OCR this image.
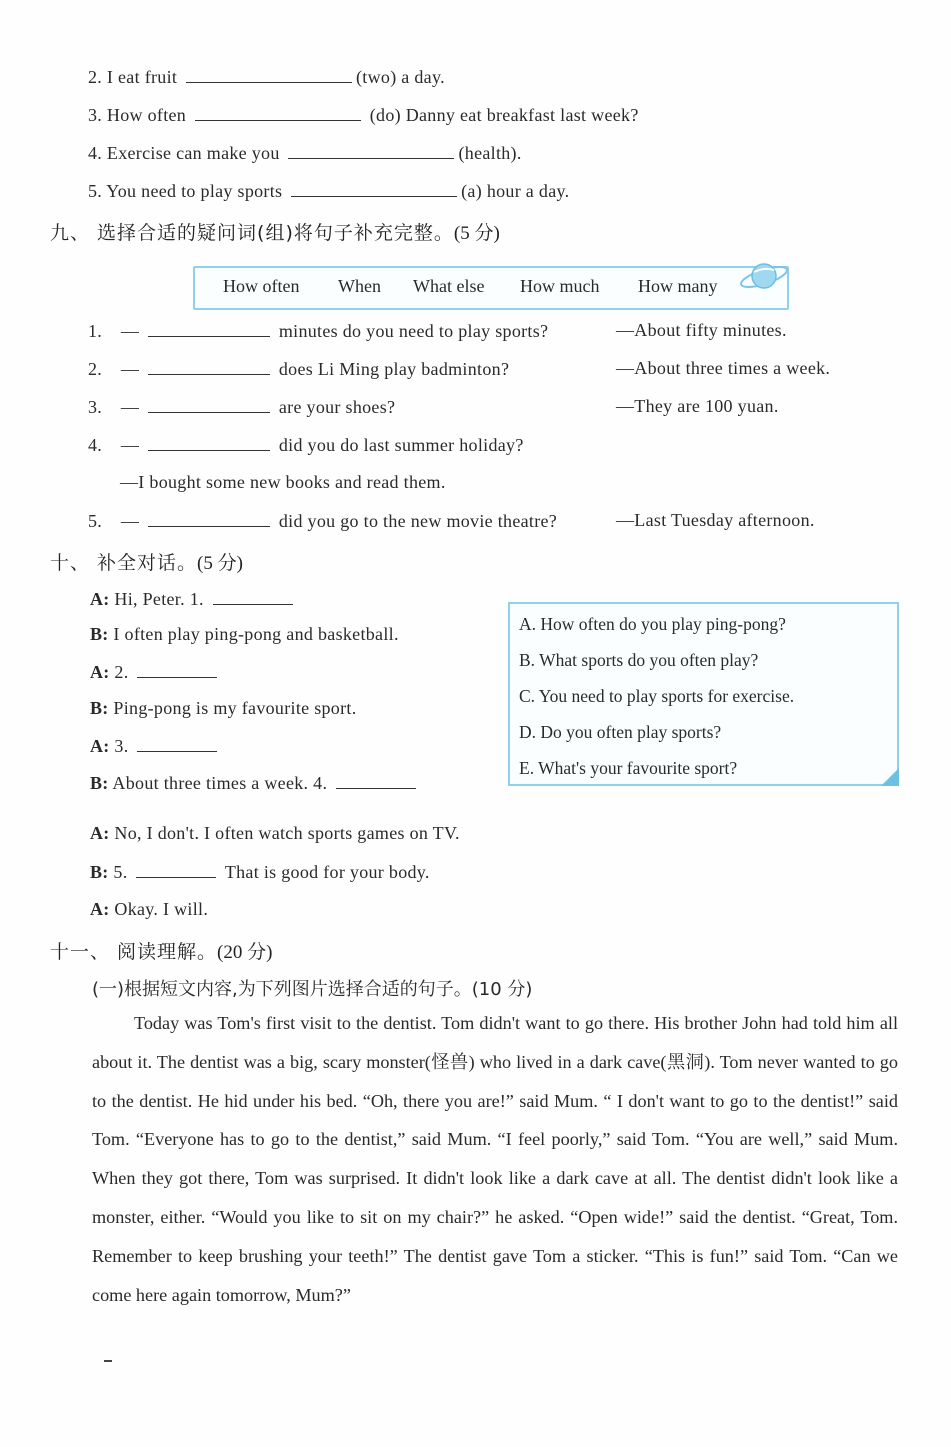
2. I eat fruit	(two) a day.
3. How often	(do) Danny eat breakfast last week?
4. Exercise can make you	(health).
5. You need to play sports	(a) hour a day.
九、 选择合适的疑问词(组)将句子补充完整。(5 分)
How often When What else How much How many
1. —	minutes do you need to play sports?	—About fifty minutes.
2. —	does Li Ming play badminton?	—About three times a week.
3. —	are your shoes?	—They are 100 yuan.
4. —	did you do last summer holiday?
—I bought some new books and read them.
5. —	did you go to the new movie theatre?	—Last Tuesday afternoon.
十、 补全对话。(5 分)
A: Hi, Peter. 1.
B: I often play ping-pong and basketball.
A: 2.
B: Ping-pong is my favourite sport.
A: 3.
B: About three times a week. 4.
A: No, I don't. I often watch sports games on TV.
B: 5.	That is good for your body.
A: Okay. I will.
A. How often do you play ping-pong?
B. What sports do you often play?
C. You need to play sports for exercise.
D. Do you often play sports?
E. What's your favourite sport?
十一、 阅读理解。(20 分)
(一)根据短文内容,为下列图片选择合适的句子。(10 分)

Today was Tom's first visit to the dentist. Tom didn't want to go there. His brother John had told him all about it. The dentist was a big, scary monster(怪兽) who lived in a dark cave(黑洞). Tom never wanted to go to the dentist. He hid under his bed. “Oh, there you are!” said Mum. “ I don't want to go to the dentist!” said Tom. “Everyone has to go to the dentist,” said Mum. “I feel poorly,” said Tom. “You are well,” said Mum. When they got there, Tom was surprised. It didn't look like a dark cave at all. The dentist didn't look like a monster, either. “Would you like to sit on my chair?” he asked. “Open wide!” said the dentist. “Great, Tom. Remember to keep brushing your teeth!” The dentist gave Tom a sticker. “This is fun!” said Tom. “Can we come here again tomorrow, Mum?”
